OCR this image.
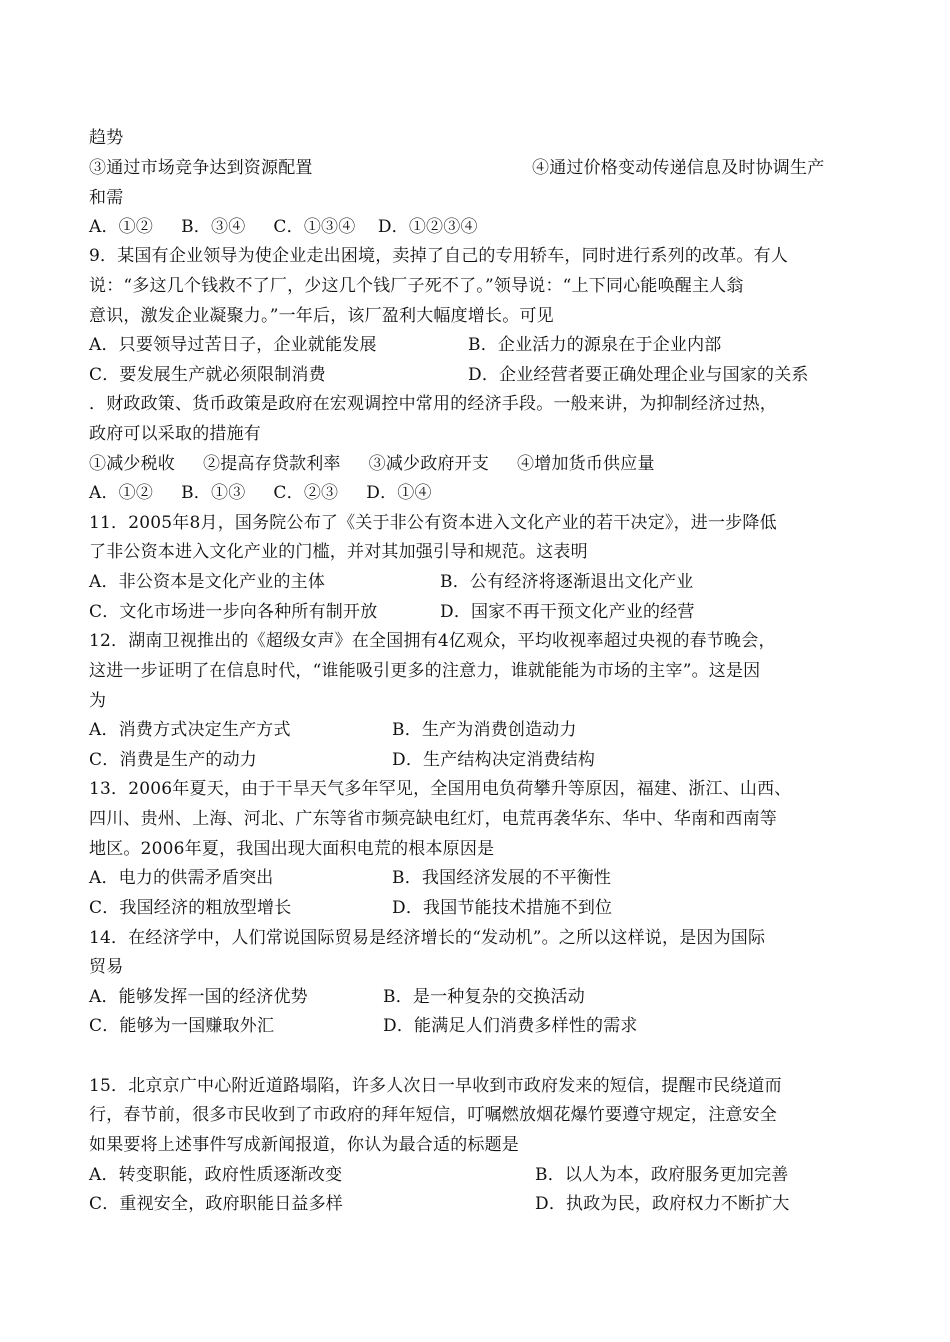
趋势
③通过市场竞争达到资源配置	④通过价格变动传递信息及时协调生产
和需
A．①②     B．③④     C．①③④    D．①②③④
9．某国有企业领导为使企业走出困境，卖掉了自己的专用轿车，同时进行系列的改革。有人
说：“多这几个钱救不了厂，少这几个钱厂子死不了。”领导说：“上下同心能唤醒主人翁
意识，激发企业凝聚力。”一年后，该厂盈利大幅度增长。可见
A．只要领导过苦日子，企业就能发展	B．企业活力的源泉在于企业内部
C．要发展生产就必须限制消费	D．企业经营者要正确处理企业与国家的关系
．财政政策、货币政策是政府在宏观调控中常用的经济手段。一般来讲，为抑制经济过热，
政府可以采取的措施有
①减少税收     ②提高存贷款利率     ③减少政府开支     ④增加货币供应量
A．①②     B．①③     C．②③     D．①④
11．2005年8月，国务院公布了《关于非公有资本进入文化产业的若干决定》，进一步降低
了非公资本进入文化产业的门槛，并对其加强引导和规范。这表明
A．非公资本是文化产业的主体	B．公有经济将逐渐退出文化产业
C．文化市场进一步向各种所有制开放	D．国家不再干预文化产业的经营
12．湖南卫视推出的《超级女声》在全国拥有4亿观众，平均收视率超过央视的春节晚会，
这进一步证明了在信息时代，“谁能吸引更多的注意力，谁就能能为市场的主宰”。这是因
为
A．消费方式决定生产方式	B．生产为消费创造动力
C．消费是生产的动力	D．生产结构决定消费结构
13．2006年夏天，由于干旱天气多年罕见，全国用电负荷攀升等原因，福建、浙江、山西、
四川、贵州、上海、河北、广东等省市频亮缺电红灯，电荒再袭华东、华中、华南和西南等
地区。2006年夏，我国出现大面积电荒的根本原因是
A．电力的供需矛盾突出	B．我国经济发展的不平衡性
C．我国经济的粗放型增长	D．我国节能技术措施不到位
14．在经济学中，人们常说国际贸易是经济增长的“发动机”。之所以这样说，是因为国际
贸易
A．能够发挥一国的经济优势	B．是一种复杂的交换活动
C．能够为一国赚取外汇	D．能满足人们消费多样性的需求
15．北京京广中心附近道路塌陷，许多人次日一早收到市政府发来的短信，提醒市民绕道而
行，春节前，很多市民收到了市政府的拜年短信，叮嘱燃放烟花爆竹要遵守规定，注意安全
如果要将上述事件写成新闻报道，你认为最合适的标题是
A．转变职能，政府性质逐渐改变	B．以人为本，政府服务更加完善
C．重视安全，政府职能日益多样	D．执政为民，政府权力不断扩大
